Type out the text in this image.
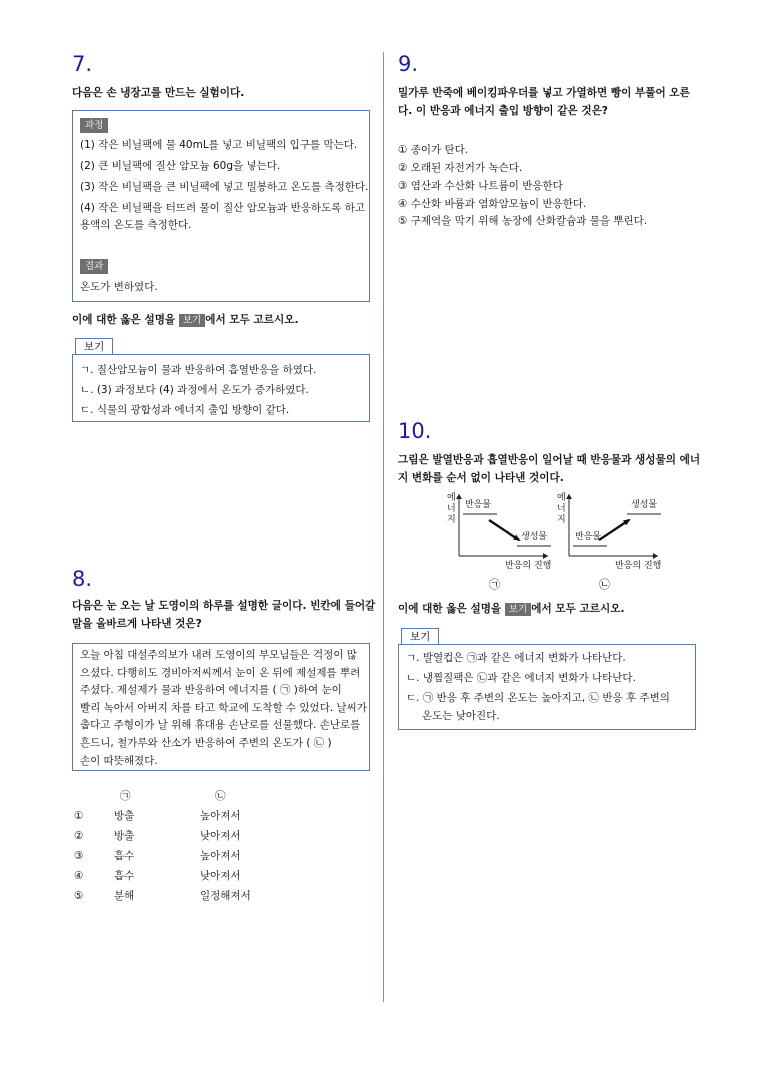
7.
다음은 손 냉장고를 만드는 실험이다.
과정
(1) 작은 비닐팩에 물 40mL를 넣고 비닐팩의 입구를 막는다.
(2) 큰 비닐팩에 질산 암모늄 60g을 넣는다.
(3) 작은 비닐팩을 큰 비닐팩에 넣고 밀봉하고 온도를 측정한다.
(4) 작은 비닐팩을 터뜨려 물이 질산 암모늄과 반응하도록 하고
용액의 온도를 측정한다.
결과
온도가 변하였다.
이에 대한 옳은 설명을 보기 에서 모두 고르시오.
보기
ㄱ. 질산암모늄이 물과 반응하여 흡열반응을 하였다.
ㄴ. (3) 과정보다 (4) 과정에서 온도가 증가하였다.
ㄷ. 식물의 광합성과 에너지 출입 방향이 같다.
8.
다음은 눈 오는 날 도영이의 하루를 설명한 글이다. 빈칸에 들어갈
말을 올바르게 나타낸 것은?
오늘 아침 대설주의보가 내려 도영이의 부모님들은 걱정이 많
으셨다. 다행히도 경비아저씨께서 눈이 온 뒤에 제설제를 뿌려
주셨다. 제설제가 물과 반응하여 에너지를 ( ㉠ )하여 눈이
빨리 녹아서 아버지 차를 타고 학교에 도착할 수 있었다. 날씨가
춥다고 주형이가 날 위해 휴대용 손난로를 선물했다. 손난로를
흔드니, 철가루와 산소가 반응하여 주변의 온도가 ( ㉡ )
손이 따뜻해졌다.
㉠	㉡
①	방출	높아져서
②	방출	낮아져서
③	흡수	높아져서
④	흡수	낮아져서
⑤	분해	일정해져서
9.
밀가루 반죽에 베이킹파우더를 넣고 가열하면 빵이 부풀어 오른
다. 이 반응과 에너지 출입 방향이 같은 것은?
① 종이가 탄다.
② 오래된 자전거가 녹슨다.
③ 염산과 수산화 나트륨이 반응한다
④ 수산화 바륨과 염화암모늄이 반응한다.
⑤ 구제역을 막기 위해 농장에 산화칼슘과 물을 뿌린다.
10.
그림은 발열반응과 흡열반응이 일어날 때 반응물과 생성물의 에너
지 변화를 순서 없이 나타낸 것이다.
에너지
반응물
생성물
반응의 진행
㉠
에너지
반응물
생성물
반응의 진행
㉡
이에 대한 옳은 설명을 보기 에서 모두 고르시오.
보기
ㄱ. 발열컵은 ㉠과 같은 에너지 변화가 나타난다.
ㄴ. 냉찜질팩은 ㉡과 같은 에너지 변화가 나타난다.
ㄷ. ㉠ 반응 후 주변의 온도는 높아지고, ㉡ 반응 후 주변의
온도는 낮아진다.
